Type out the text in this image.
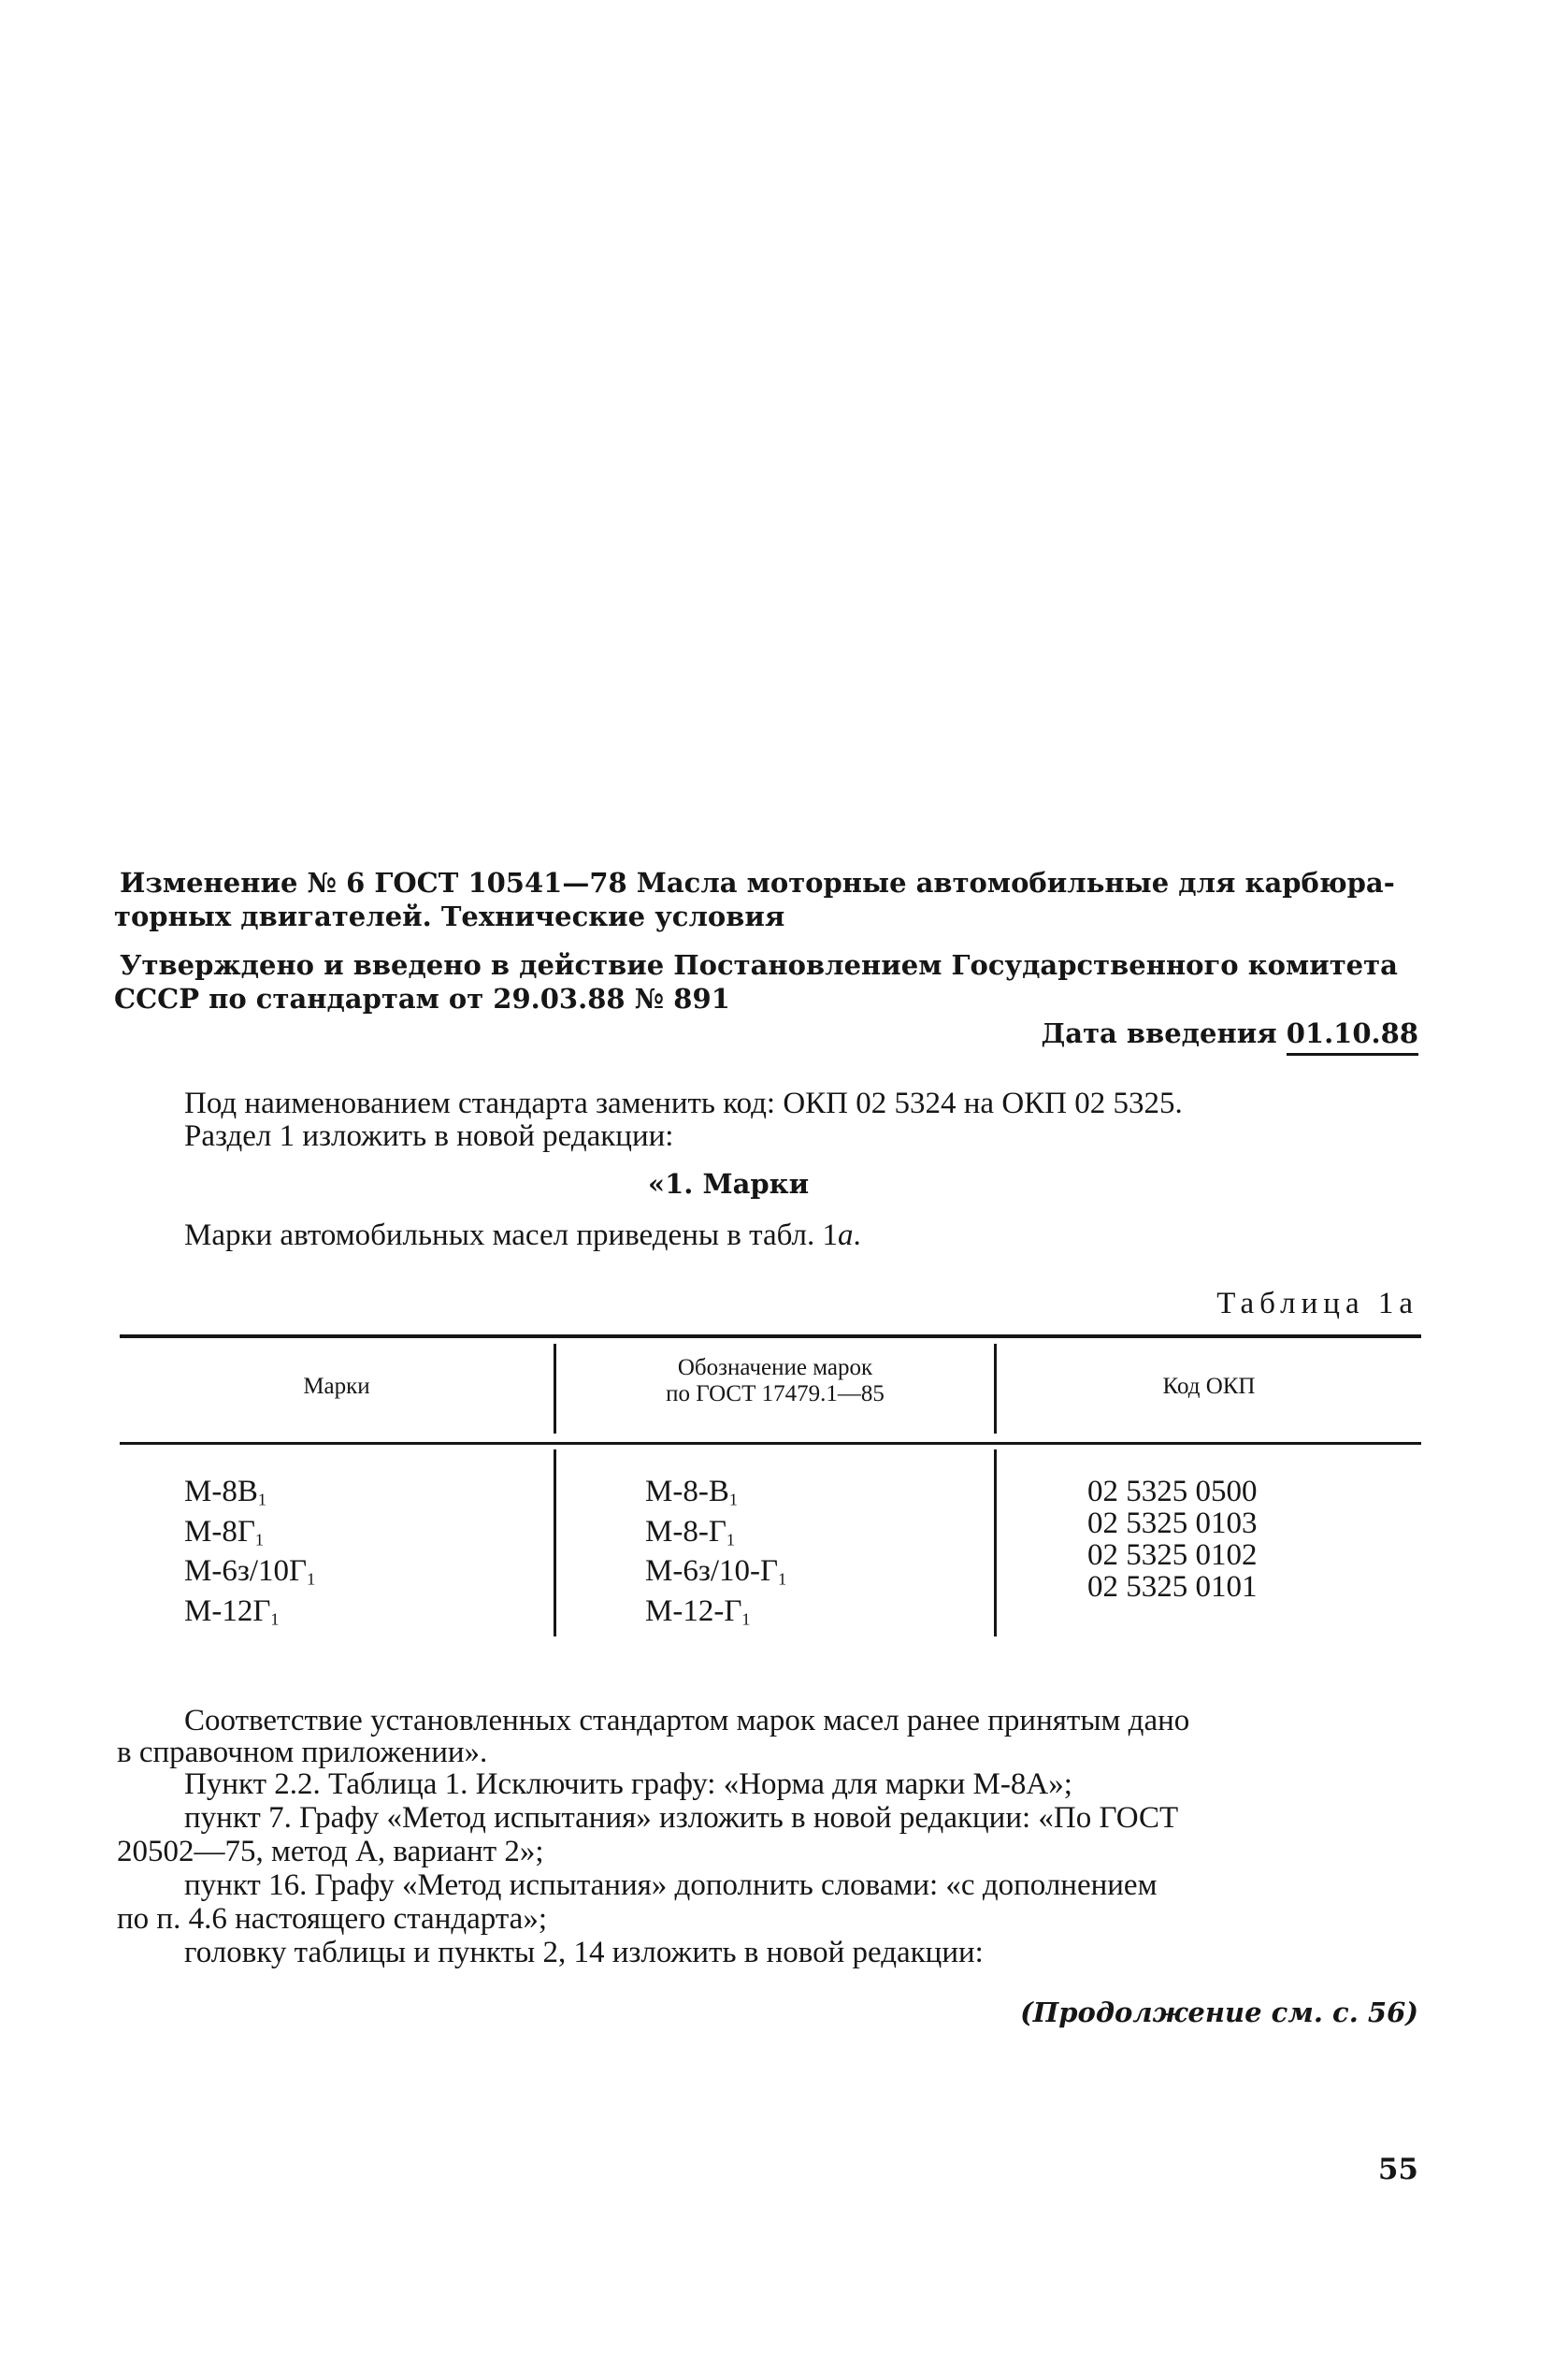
Изменение № 6 ГОСТ 10541—78 Масла моторные автомобильные для карбюра-
торных двигателей. Технические условия
Утверждено и введено в действие Постановлением Государственного комитета
СССР по стандартам от 29.03.88 № 891
Дата введения 01.10.88
Под наименованием стандарта заменить код: ОКП 02 5324 на ОКП 02 5325.
Раздел 1 изложить в новой редакции:
«1. Марки
Марки автомобильных масел приведены в табл. 1а.
Таблица 1а
Марки
Обозначение марок
по ГОСТ 17479.1—85	Код ОКП
$М-8В_1$
$М-8Г_1$
$М-6з/10Г_1$
$М-12Г_1$
$М-8-В_1$
$М-8-Г_1$
$М-6з/10-Г_1$
$М-12-Г_1$
02 5325 0500
02 5325 0103
02 5325 0102
02 5325 0101
Соответствие установленных стандартом марок масел ранее принятым дано
в справочном приложении».
Пункт 2.2. Таблица 1. Исключить графу: «Норма для марки М-8А»;
пункт 7. Графу «Метод испытания» изложить в новой редакции: «По ГОСТ
20502—75, метод А, вариант 2»;
пункт 16. Графу «Метод испытания» дополнить словами: «с дополнением
по п. 4.6 настоящего стандарта»;
головку таблицы и пункты 2, 14 изложить в новой редакции:
(Продолжение см. с. 56)
55
